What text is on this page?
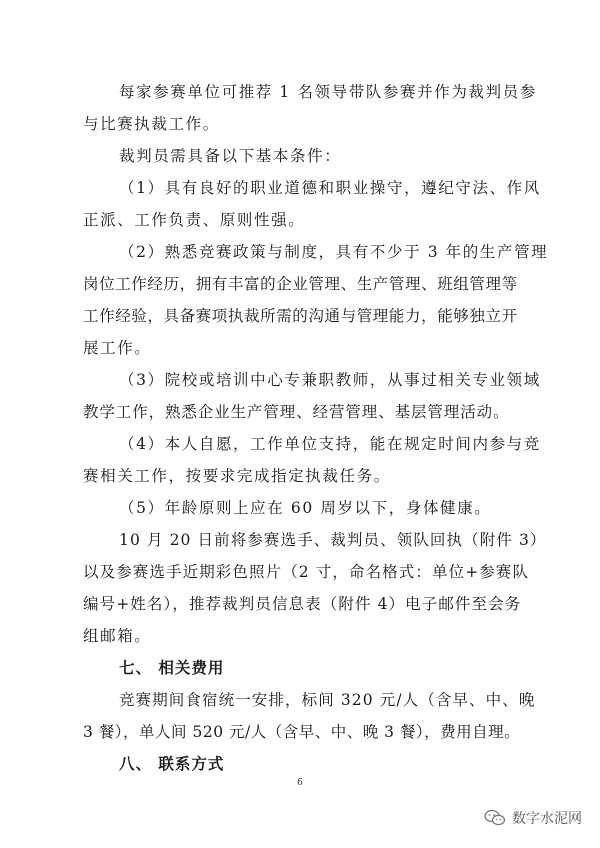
每家参赛单位可推荐 1 名领导带队参赛并作为裁判员参
与比赛执裁工作。
裁判员需具备以下基本条件：
（1）具有良好的职业道德和职业操守，遵纪守法、作风
正派、工作负责、原则性强。
（2）熟悉竞赛政策与制度，具有不少于 3 年的生产管理
岗位工作经历，拥有丰富的企业管理、生产管理、班组管理等
工作经验，具备赛项执裁所需的沟通与管理能力，能够独立开
展工作。
（3）院校或培训中心专兼职教师，从事过相关专业领域
教学工作，熟悉企业生产管理、经营管理、基层管理活动。
（4）本人自愿，工作单位支持，能在规定时间内参与竞
赛相关工作，按要求完成指定执裁任务。
（5）年龄原则上应在 60 周岁以下，身体健康。
10 月 20 日前将参赛选手、裁判员、领队回执（附件 3）
以及参赛选手近期彩色照片（2 寸，命名格式：单位+参赛队
编号+姓名），推荐裁判员信息表（附件 4）电子邮件至会务
组邮箱。
七、 相关费用
竞赛期间食宿统一安排，标间 320 元/人（含早、中、晚
3 餐），单人间 520 元/人（含早、中、晚 3 餐），费用自理。
八、 联系方式
6
数字水泥网
